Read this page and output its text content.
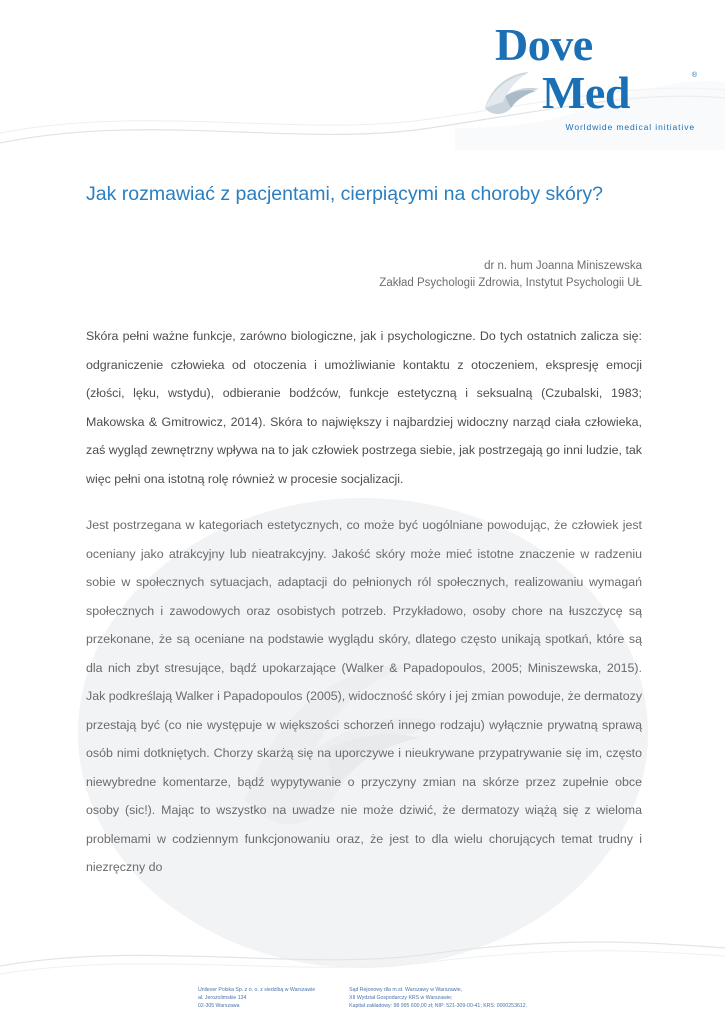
Dove
Med	®
Worldwide medical initiative
Jak rozmawiać z pacjentami, cierpiącymi na choroby skóry?
dr n. hum Joanna Miniszewska
Zakład Psychologii Zdrowia, Instytut Psychologii UŁ

Skóra pełni ważne funkcje, zarówno biologiczne, jak i psychologiczne. Do tych ostatnich zalicza się: odgraniczenie człowieka od otoczenia i umożliwianie kontaktu z otoczeniem, ekspresję emocji (złości, lęku, wstydu), odbieranie bodźców, funkcje estetyczną i seksualną (Czubalski, 1983; Makowska & Gmitrowicz, 2014). Skóra to największy i najbardziej widoczny narząd ciała człowieka, zaś wygląd zewnętrzny wpływa na to jak człowiek postrzega siebie, jak postrzegają go inni ludzie, tak więc pełni ona istotną rolę również w procesie socjalizacji.

Jest postrzegana w kategoriach estetycznych, co może być uogólniane powodując, że człowiek jest oceniany jako atrakcyjny lub nieatrakcyjny. Jakość skóry może mieć istotne znaczenie w radzeniu sobie w społecznych sytuacjach, adaptacji do pełnionych ról społecznych, realizowaniu wymagań społecznych i zawodowych oraz osobistych potrzeb. Przykładowo, osoby chore na łuszczycę są przekonane, że są oceniane na podstawie wyglądu skóry, dlatego często unikają spotkań, które są dla nich zbyt stresujące, bądź upokarzające (Walker & Papadopoulos, 2005; Miniszewska, 2015). Jak podkreślają Walker i Papadopoulos (2005), widoczność skóry i jej zmian powoduje, że dermatozy przestają być (co nie występuje w większości schorzeń innego rodzaju) wyłącznie prywatną sprawą osób nimi dotkniętych. Chorzy skarżą się na uporczywe i nieukrywane przypatrywanie się im, często niewybredne komentarze, bądź wypytywanie o przyczyny zmian na skórze przez zupełnie obce osoby (sic!). Mając to wszystko na uwadze nie może dziwić, że dermatozy wiążą się z wieloma problemami w codziennym funkcjonowaniu oraz, że jest to dla wielu chorujących temat trudny i niezręczny do

Unilever Polska Sp. z o. o. z siedzibą w Warszawie
al. Jerozolimskie 134
02-305 Warszawa
Sąd Rejonowy dla m.st. Warszawy w Warszawie,
XII Wydział Gospodarczy KRS w Warszawie;
Kapitał zakładowy: 98 995 600,00 zł; NIP: 521-309-00-41; KRS: 0000253612.
